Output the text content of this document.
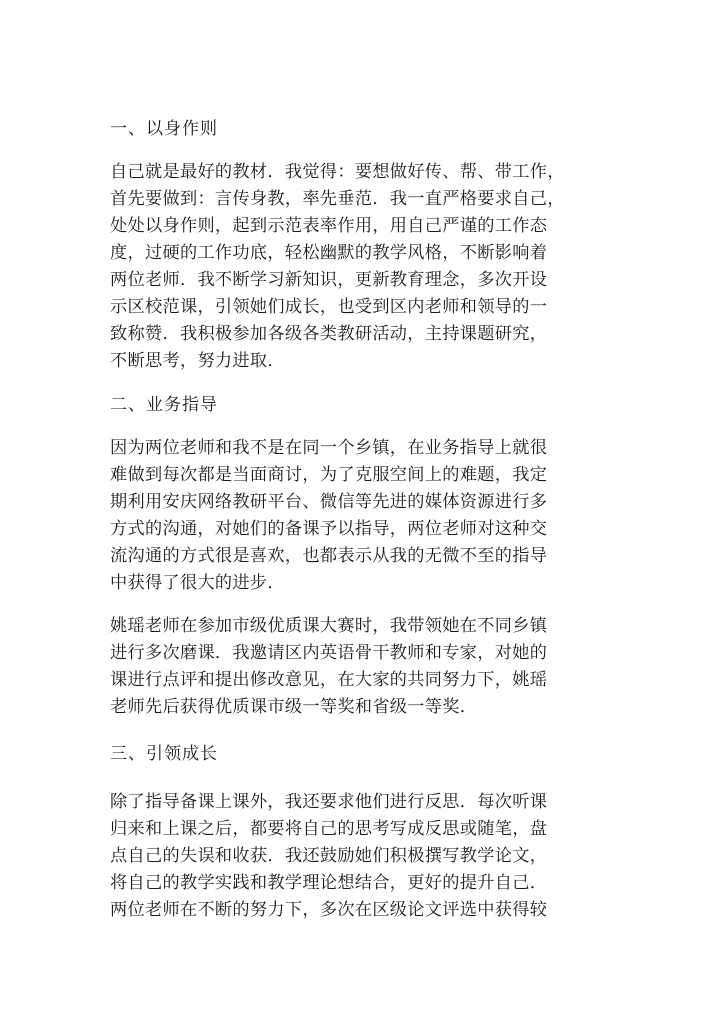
一、以身作则
自己就是最好的教材．我觉得：要想做好传、帮、带工作，
首先要做到：言传身教，率先垂范．我一直严格要求自己，
处处以身作则，起到示范表率作用，用自己严谨的工作态
度，过硬的工作功底，轻松幽默的教学风格，不断影响着
两位老师．我不断学习新知识，更新教育理念，多次开设
示区校范课，引领她们成长，也受到区内老师和领导的一
致称赞．我积极参加各级各类教研活动，主持课题研究，
不断思考，努力进取．
二、业务指导
因为两位老师和我不是在同一个乡镇，在业务指导上就很
难做到每次都是当面商讨，为了克服空间上的难题，我定
期利用安庆网络教研平台、微信等先进的媒体资源进行多
方式的沟通，对她们的备课予以指导，两位老师对这种交
流沟通的方式很是喜欢，也都表示从我的无微不至的指导
中获得了很大的进步．
姚瑶老师在参加市级优质课大赛时，我带领她在不同乡镇
进行多次磨课．我邀请区内英语骨干教师和专家，对她的
课进行点评和提出修改意见，在大家的共同努力下，姚瑶
老师先后获得优质课市级一等奖和省级一等奖．
三、引领成长
除了指导备课上课外，我还要求他们进行反思．每次听课
归来和上课之后，都要将自己的思考写成反思或随笔，盘
点自己的失误和收获．我还鼓励她们积极撰写教学论文，
将自己的教学实践和教学理论想结合，更好的提升自己．
两位老师在不断的努力下，多次在区级论文评选中获得较
